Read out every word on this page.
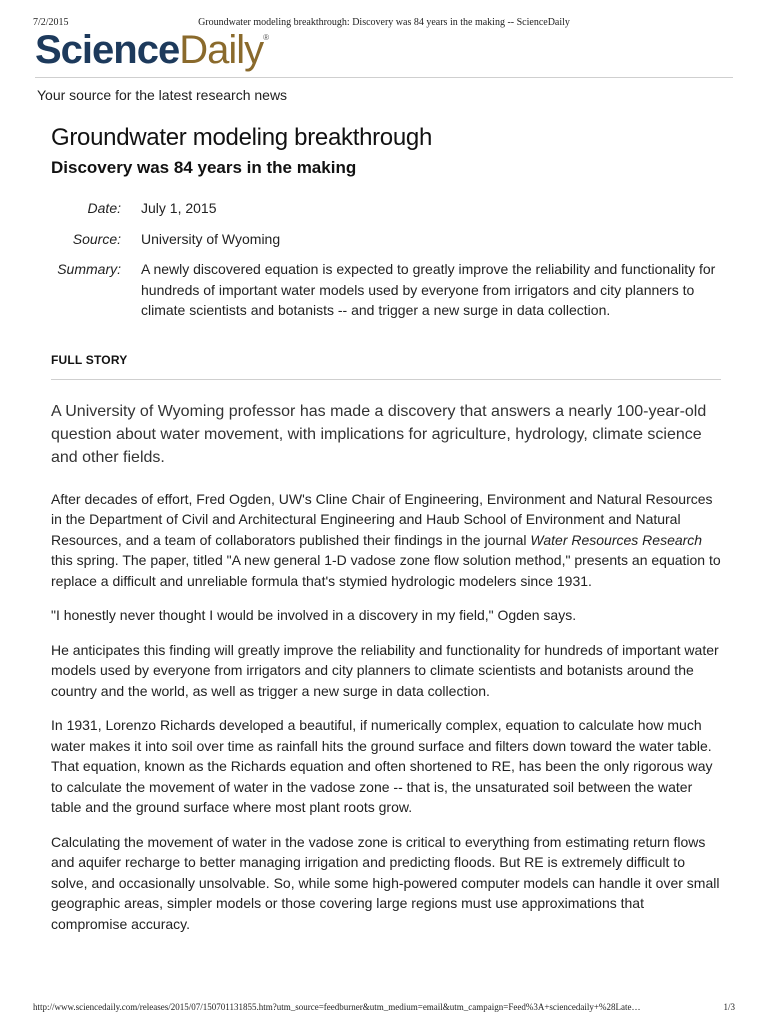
7/2/2015	Groundwater modeling breakthrough: Discovery was 84 years in the making -- ScienceDaily
ScienceDaily®
Your source for the latest research news
Groundwater modeling breakthrough
Discovery was 84 years in the making
Date: July 1, 2015
Source: University of Wyoming
Summary: A newly discovered equation is expected to greatly improve the reliability and functionality for hundreds of important water models used by everyone from irrigators and city planners to climate scientists and botanists -- and trigger a new surge in data collection.
FULL STORY

A University of Wyoming professor has made a discovery that answers a nearly 100-year-old question about water movement, with implications for agriculture, hydrology, climate science and other fields.

After decades of effort, Fred Ogden, UW's Cline Chair of Engineering, Environment and Natural Resources in the Department of Civil and Architectural Engineering and Haub School of Environment and Natural Resources, and a team of collaborators published their findings in the journal Water Resources Research this spring. The paper, titled "A new general 1-D vadose zone flow solution method," presents an equation to replace a difficult and unreliable formula that's stymied hydrologic modelers since 1931.

"I honestly never thought I would be involved in a discovery in my field," Ogden says.

He anticipates this finding will greatly improve the reliability and functionality for hundreds of important water models used by everyone from irrigators and city planners to climate scientists and botanists around the country and the world, as well as trigger a new surge in data collection.

In 1931, Lorenzo Richards developed a beautiful, if numerically complex, equation to calculate how much water makes it into soil over time as rainfall hits the ground surface and filters down toward the water table. That equation, known as the Richards equation and often shortened to RE, has been the only rigorous way to calculate the movement of water in the vadose zone -- that is, the unsaturated soil between the water table and the ground surface where most plant roots grow.

Calculating the movement of water in the vadose zone is critical to everything from estimating return flows and aquifer recharge to better managing irrigation and predicting floods. But RE is extremely difficult to solve, and occasionally unsolvable. So, while some high-powered computer models can handle it over small geographic areas, simpler models or those covering large regions must use approximations that compromise accuracy.

http://www.sciencedaily.com/releases/2015/07/150701131855.htm?utm_source=feedburner&utm_medium=email&utm_campaign=Feed%3A+sciencedaily+%28Late…	1/3
